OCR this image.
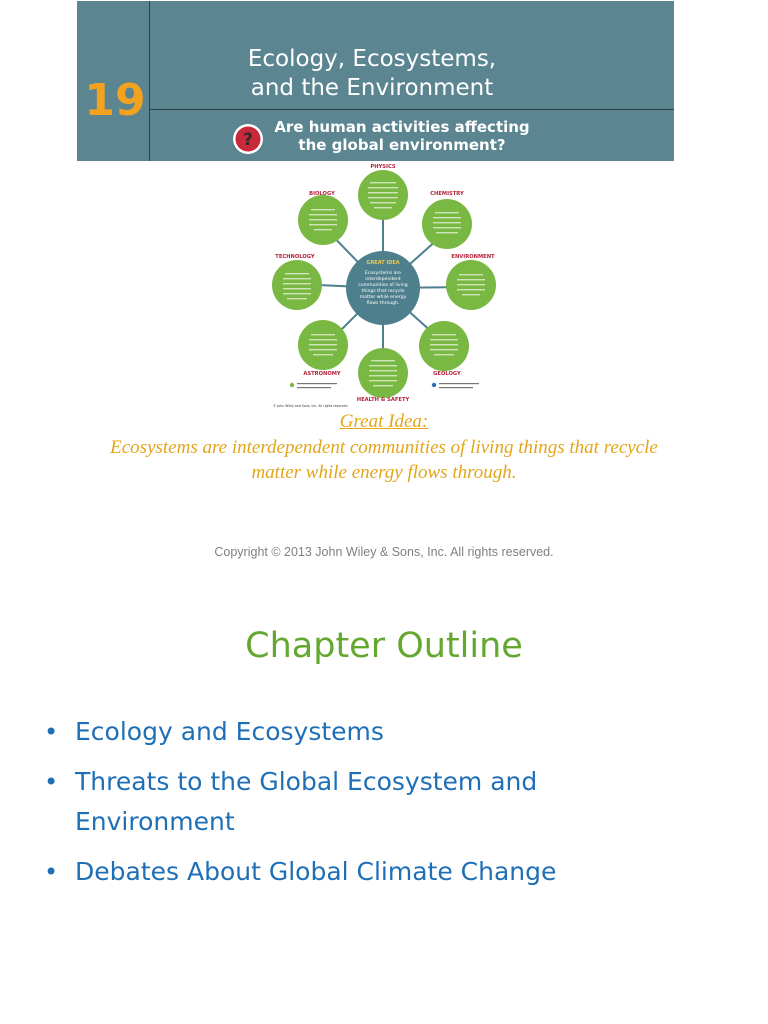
19
Ecology, Ecosystems,
and the Environment
?
Are human activities affecting
the global environment?
GREAT IDEA
Ecosystems are
interdependent
communities of living
things that recycle
matter while energy
flows through.
PHYSICS
CHEMISTRY
ENVIRONMENT
GEOLOGY
HEALTH & SAFETY
ASTRONOMY
TECHNOLOGY
BIOLOGY
© John Wiley and Sons, Inc. All rights reserved.
Great Idea:
Ecosystems are interdependent communities of living things that recycle
matter while energy flows through.
Copyright © 2013 John Wiley & Sons, Inc. All rights reserved.
Chapter Outline
• Ecology and Ecosystems
• Threats to the Global Ecosystem and
Environment
• Debates About Global Climate Change
